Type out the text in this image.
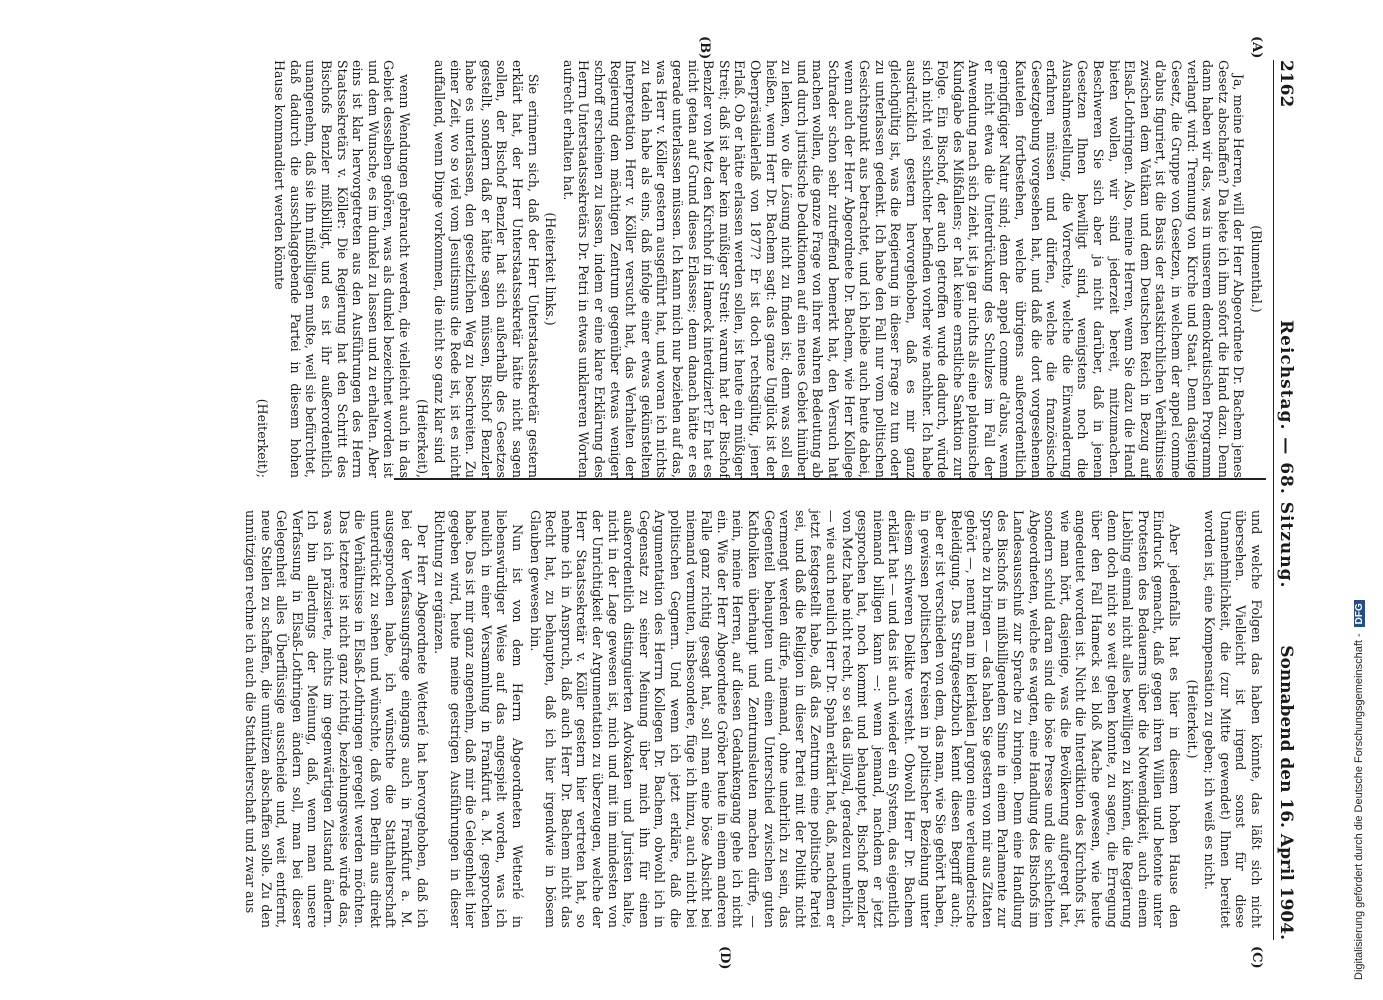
2162
Reichstag. — 68. Sitzung.
Sonnabend den 16. April 1904.
(A)
(B)
(C)
(D)

(Blumenthal.)

Ja, meine Herren, will der Herr Abgeordnete Dr. Bachem jenes Gesetz abschaffen? Da biete ich ihm sofort die Hand dazu. Denn dann haben wir das, was in unserem demokratischen Programm verlangt wird: Trennung von Kirche und Staat. Denn dasjenige Gesetz, die Gruppe von Gesetzen, in welchem der appel comme d'abus figuriert, ist die Basis der staatskirchlichen Verhältnisse zwischen dem Vatikan und dem Deutschen Reich in Bezug auf Elsaß-Lothringen. Also, meine Herren, wenn Sie dazu die Hand bieten wollen, wir sind jederzeit bereit, mitzumachen. Beschweren Sie sich aber ja nicht darüber, daß in jenen Gesetzen Ihnen bewilligt sind, wenigstens noch die Ausnahmestellung, die Vorrechte, welche die Einwanderung erfahren müssen und dürfen, welche die französische Gesetzgebung vorgesehen hat, und daß die dort vorgesehenen Kautelen fortbestehen, welche übrigens außerordentlich geringfügiger Natur sind; denn der appel comme d'abus, wenn er nicht etwa die Unterdrückung des Schulzes im Fall der Anwendung nach sich zieht, ist ja gar nichts als eine platonische Kundgabe des Mißfallens; er hat keine ernstliche Sanktion zur Folge. Ein Bischof, der auch getroffen wurde dadurch, würde sich nicht viel schlechter befinden vorher wie nachher. Ich habe ausdrücklich gestern hervorgehoben, daß es mir ganz gleichgültig ist, was die Regierung in dieser Frage zu tun oder zu unterlassen gedenkt. Ich habe den Fall nur vom politischen Gesichtspunkt aus betrachtet, und ich bleibe auch heute dabei, wenn auch der Herr Abgeordnete Dr. Bachem, wie Herr Kollege Schrader schon sehr zutreffend bemerkt hat, den Versuch hat machen wollen, die ganze Frage von ihrer wahren Bedeutung ab und durch juristische Deduktionen auf ein neues Gebiet hinüber zu lenken, wo die Lösung nicht zu finden ist; denn was soll es heißen, wenn Herr Dr. Bachem sagt: das ganze Unglück ist der Oberpräsidialerlaß von 1877? Er ist doch rechtsgültig, jener Erlaß. Ob er hätte erlassen werden sollen, ist heute ein müßiger Streit; daß ist aber kein müßiger Streit: warum hat der Bischof Benzler von Metz den Kirchhof in Hameck interdiziert? Er hat es nicht getan auf Grund dieses Erlasses; denn danach hätte er es gerade unterlassen müssen. Ich kann mich nur beziehen auf das, was Herr v. Köller gestern ausgeführt hat, und woran ich nichts zu tadeln habe als eins, daß infolge einer etwas gekünstelten Interpretation Herr v. Köller versucht hat, das Verhalten der Regierung dem mächtigen Zentrum gegenüber etwas weniger schroff erscheinen zu lassen, indem er eine klare Erklärung des Herrn Unterstaatssekretärs Dr. Petri in etwas unklareren Worten aufrecht erhalten hat.

(Heiterkeit links.)

Sie erinnern sich, daß der Herr Unterstaatssekretär gestern erklärt hat, der Herr Unterstaatssekretär hätte nicht sagen sollen, der Bischof Benzler hat sich außerhalb des Gesetzes gestellt, sondern daß er hätte sagen müssen, Bischof Benzler habe es unterlassen, den gesetzlichen Weg zu beschreiten. Zu einer Zeit, wo so viel vom Jesuitismus die Rede ist, ist es nicht auffallend, wenn Dinge vorkommen, die nicht so ganz klar sind

(Heiterkeit),

wenn Wendungen gebraucht werden, die vielleicht auch in das Gebiet desselben gehören, was als dunkel bezeichnet worden ist und dem Wunsche, es im dunkel zu lassen und zu erhalten. Aber eins ist klar hervorgetreten aus den Ausführungen des Herrn Staatssekretärs v. Köller: Die Regierung hat den Schritt des Bischofs Benzler mißbilligt, und es ist ihr außerordentlich unangenehm, daß sie ihn mißbilligen mußte, weil sie befürchtet, daß dadurch die ausschlaggebende Partei in diesem hohen Hause kommandiert werden könnte

(Heiterkeit);

und welche Folgen das haben könnte, das läßt sich nicht übersehen. Vielleicht ist irgend sonst für diese Unannehmlichkeit, die (zur Mitte gewendet) Ihnen bereitet worden ist, eine Kompensation zu geben; ich weiß es nicht.

(Heiterkeit.)

Aber jedenfalls hat es hier in diesem hohen Hause den Eindruck gemacht, daß gegen ihren Willen und betonte unter Protesten des Bedauerns über die Notwendigkeit, auch einem Liebling einmal nicht alles bewilligen zu können, die Regierung denn doch nicht so weit gehen konnte, zu sagen, die Erregung über den Fall Hameck sei bloß Mache gewesen, wie heute angedeutet worden ist. Nicht die Interdiktion des Kirchhofs ist, wie man hört, dasjenige, was die Bevölkerung aufgeregt hat, sondern schuld daran sind die böse Presse und die schlechten Abgeordneten, welche es wagten, eine Handlung des Bischofs im Landesausschuß zur Sprache zu bringen. Denn eine Handlung des Bischofs in mißbilligendem Sinne in einem Parlamente zur Sprache zu bringen — das haben Sie gestern von mir aus Zitaten gehört —, nennt man im klerikalen Jargon eine verleumderische Beleidigung. Das Strafgesetzbuch kennt diesen Begriff auch; aber er ist verschieden von dem, das man, wie Sie gehört haben, in gewissen politischen Kreisen in politischer Beziehung unter diesem schweren Delikte versteht. Obwohl Herr Dr. Bachem erklärt hat — und das ist auch wieder ein System, das eigentlich niemand billigen kann —: wenn jemand, nachdem er jetzt gesprochen hat, noch kommt und behauptet, Bischof Benzler von Metz habe nicht recht, so sei das illoyal, geradezu unehrlich, — wie auch neulich Herr Dr. Spahn erklärt hat, daß, nachdem er jetzt festgestellt habe, daß das Zentrum eine politische Partei sei, und daß die Religion in dieser Partei mit der Politik nicht vermengt werden dürfe, niemand, ohne unehrlich zu sein, das Gegenteil behaupten und einen Unterschied zwischen guten Katholiken überhaupt und Zentrumsleuten machen dürfe, — nein, meine Herren, auf diesen Gedankengang gehe ich nicht ein. Wie der Herr Abgeordnete Gröber heute in einem anderen Falle ganz richtig gesagt hat, soll man eine böse Absicht bei niemand vermuten, insbesondere, füge ich hinzu, auch nicht bei politischen Gegnern. Und wenn ich jetzt erkläre, daß die Argumentation des Herrn Kollegen Dr. Bachem, obwohl ich in Gegensatz zu seiner Meinung über mich ihn für einen außerordentlich distinguierten Advokaten und Juristen halte, nicht in der Lage gewesen ist, mich und mit im mindesten von der Unrichtigkeit der Argumentation zu überzeugen, welche der Herr Staatssekretär v. Köller gestern hier vertreten hat, so nehme ich in Anspruch, daß auch Herr Dr. Bachem nicht das Recht hat, zu behaupten, daß ich hier irgendwie in bösem Glauben gewesen bin.

Nun ist von dem Herrn Abgeordneten Wetterlé in liebenswürdiger Weise auf das angespielt worden, was ich neulich in einer Versammlung in Frankfurt a. M. gesprochen habe. Das ist mir ganz angenehm, daß mir die Gelegenheit hier gegeben wird, heute meine gestrigen Ausführungen in dieser Richtung zu ergänzen.

Der Herr Abgeordnete Wetterlé hat hervorgehoben, daß ich bei der Verfassungsfrage eingangs auch in Frankfurt a. M. ausgesprochen habe, ich wünschte die Statthalterschaft unterdrückt zu sehen und wünschte, daß von Berlin aus direkt die Verhältnisse in Elsaß-Lothringen geregelt werden möchten. Das letztere ist nicht ganz richtig, beziehungsweise würde das, was ich präzisierte, nichts im gegenwärtigen Zustand ändern. Ich bin allerdings der Meinung, daß, wenn man unsere Verfassung in Elsaß-Lothringen ändern soll, man bei dieser Gelegenheit alles Überflüssige ausscheide und, weit entfernt, neue Stellen zu schaffen, die unnützen abschaffen solle. Zu den unnützigen rechne ich auch die Statthalterschaft und zwar aus	Digitalisierung gefördert durch die Deutsche Forschungsgemeinschaft -DFG
